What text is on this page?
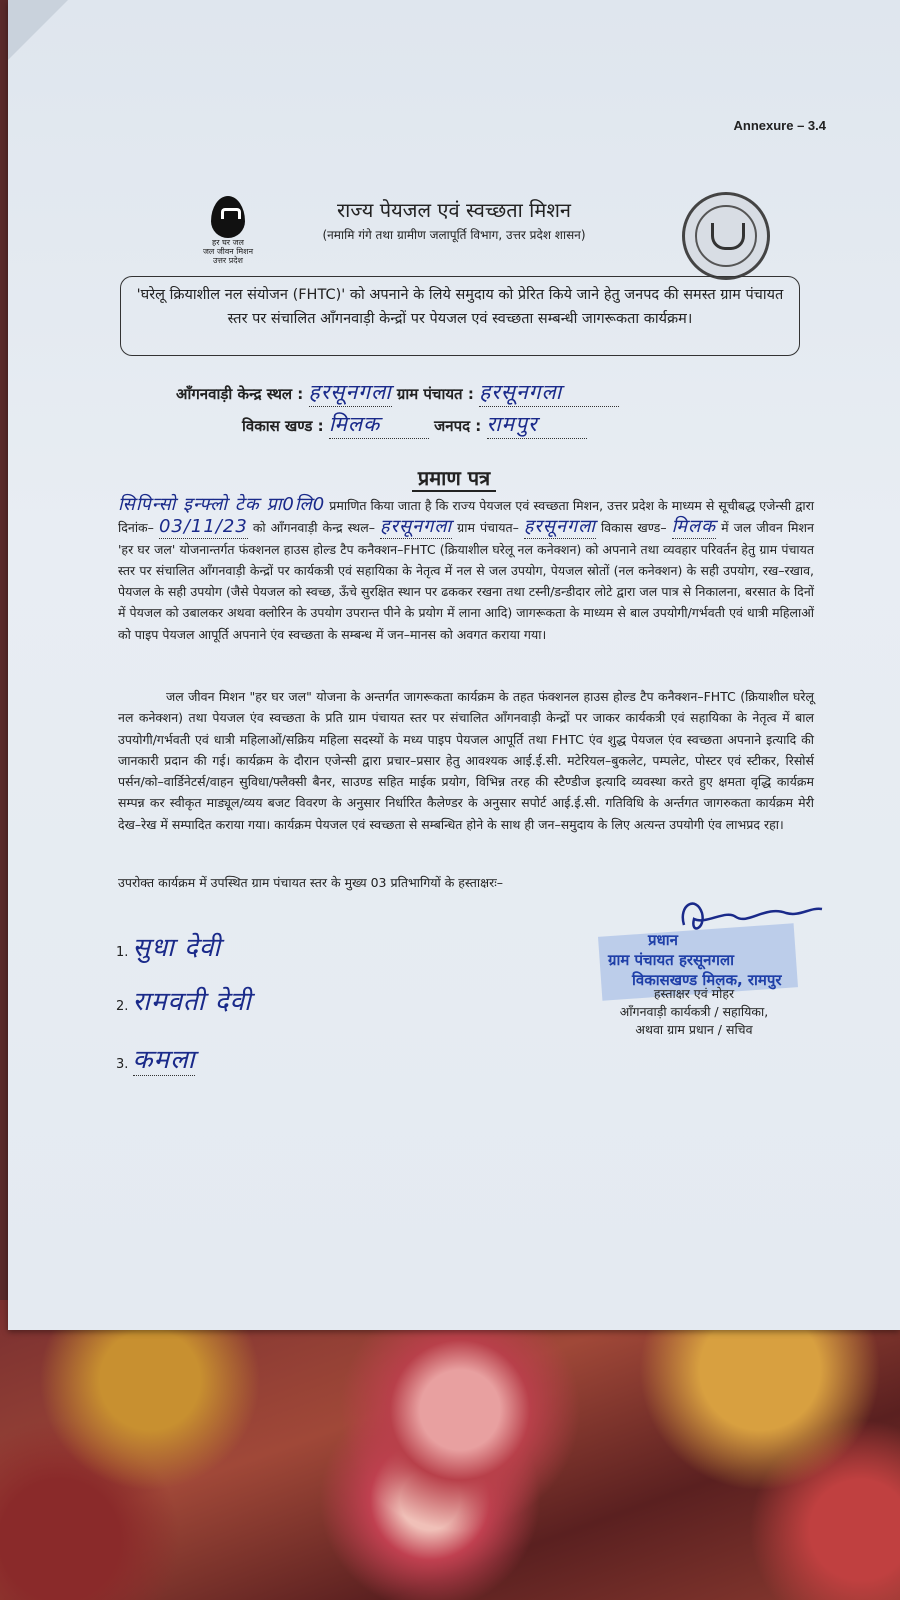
Annexure – 3.4
हर घर जल
जल जीवन मिशन
उत्तर प्रदेश
राज्य पेयजल एवं स्वच्छता मिशन
(नमामि गंगे तथा ग्रामीण जलापूर्ति विभाग, उत्तर प्रदेश शासन)
'घरेलू क्रियाशील नल संयोजन (FHTC)' को अपनाने के लिये समुदाय को प्रेरित किये जाने हेतु जनपद की समस्त ग्राम पंचायत स्तर पर संचालित आँगनवाड़ी केन्द्रों पर पेयजल एवं स्वच्छता सम्बन्धी जागरूकता कार्यक्रम।
आँगनवाड़ी केन्द्र स्थल : हरसूनगला ग्राम पंचायत : हरसूनगला
विकास खण्ड : मिलक	जनपद : रामपुर
प्रमाण पत्र
सिपिन्सो इन्फ्लो टेक प्रा0लि0 प्रमाणित किया जाता है कि राज्य पेयजल एवं स्वच्छता मिशन, उत्तर प्रदेश के माध्यम से सूचीबद्ध एजेन्सी द्वारा दिनांक– 03/11/23 को आँगनवाड़ी केन्द्र स्थल– हरसूनगला ग्राम पंचायत– हरसूनगला विकास खण्ड– मिलक में जल जीवन मिशन 'हर घर जल' योजनान्तर्गत फंक्शनल हाउस होल्ड टैप कनैक्शन–FHTC (क्रियाशील घरेलू नल कनेक्शन) को अपनाने तथा व्यवहार परिवर्तन हेतु ग्राम पंचायत स्तर पर संचालित आँगनवाड़ी केन्द्रों पर कार्यकत्री एवं सहायिका के नेतृत्व में नल से जल उपयोग, पेयजल स्रोतों (नल कनेक्शन) के सही उपयोग, रख–रखाव, पेयजल के सही उपयोग (जैसे पेयजल को स्वच्छ, ऊँचे सुरक्षित स्थान पर ढककर रखना तथा टस्नी/डन्डीदार लोटे द्वारा जल पात्र से निकालना, बरसात के दिनों में पेयजल को उबालकर अथवा क्लोरिन के उपयोग उपरान्त पीने के प्रयोग में लाना आदि) जागरूकता के माध्यम से बाल उपयोगी/गर्भवती एवं धात्री महिलाओं को पाइप पेयजल आपूर्ति अपनाने एंव स्वच्छता के सम्बन्ध में जन–मानस को अवगत कराया गया।
जल जीवन मिशन "हर घर जल" योजना के अन्तर्गत जागरूकता कार्यक्रम के तहत फंक्शनल हाउस होल्ड टैप कनैक्शन–FHTC (क्रियाशील घरेलू नल कनेक्शन) तथा पेयजल एंव स्वच्छता के प्रति ग्राम पंचायत स्तर पर संचालित आँगनवाड़ी केन्द्रों पर जाकर कार्यकत्री एवं सहायिका के नेतृत्व में बाल उपयोगी/गर्भवती एवं धात्री महिलाओं/सक्रिय महिला सदस्यों के मध्य पाइप पेयजल आपूर्ति तथा FHTC एंव शुद्ध पेयजल एंव स्वच्छता अपनाने इत्यादि की जानकारी प्रदान की गई। कार्यक्रम के दौरान एजेन्सी द्वारा प्रचार–प्रसार हेतु आवश्यक आई.ई.सी. मटेरियल–बुकलेट, पम्पलेट, पोस्टर एवं स्टीकर, रिसोर्स पर्सन/को–वार्डिनेटर्स/वाहन सुविधा/फ्लैक्सी बैनर, साउण्ड सहित माईक प्रयोग, विभिन्न तरह की स्टैण्डीज इत्यादि व्यवस्था करते हुए क्षमता वृद्धि कार्यक्रम सम्पन्न कर स्वीकृत माड्यूल/व्यय बजट विवरण के अनुसार निर्धारित कैलेण्डर के अनुसार सपोर्ट आई.ई.सी. गतिविधि के अर्न्तगत जागरुकता कार्यक्रम मेरी देख–रेख में सम्पादित कराया गया। कार्यक्रम पेयजल एवं स्वच्छता से सम्बन्धित होने के साथ ही जन–समुदाय के लिए अत्यन्त उपयोगी एंव लाभप्रद रहा।
उपरोक्त कार्यक्रम में उपस्थित ग्राम पंचायत स्तर के मुख्य 03 प्रतिभागियों के हस्ताक्षरः–
1. सुधा देवी
2. रामवती देवी
3. कमला
प्रधान
ग्राम पंचायत हरसूनगला
विकासखण्ड मिलक, रामपुर
हस्ताक्षर एवं मोहर
आँगनवाड़ी कार्यकत्री / सहायिका,
अथवा ग्राम प्रधान / सचिव
